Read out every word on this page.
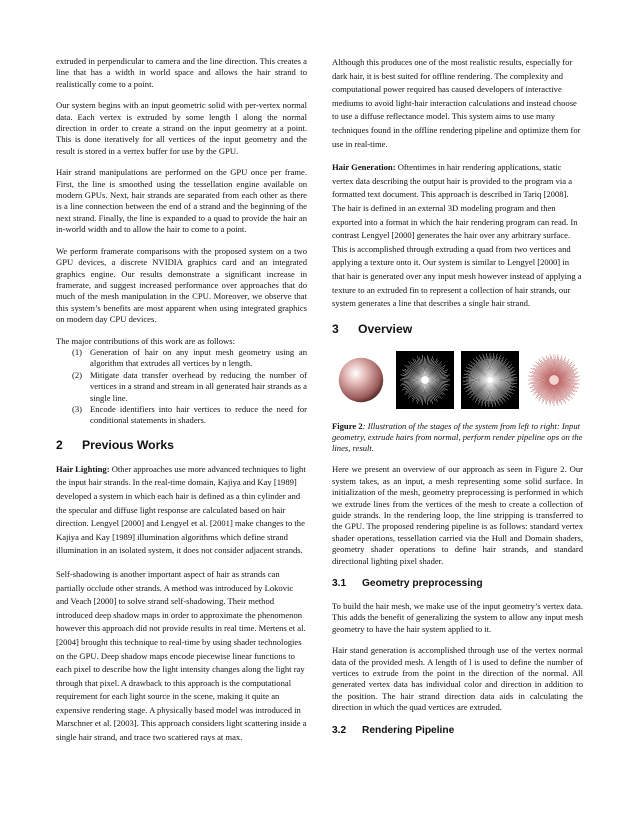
extruded in perpendicular to camera and the line direction. This creates a line that has a width in world space and allows the hair strand to realistically come to a point.

Our system begins with an input geometric solid with per-vertex normal data. Each vertex is extruded by some length l along the normal direction in order to create a strand on the input geometry at a point. This is done iteratively for all vertices of the input geometry and the result is stored in a vertex buffer for use by the GPU.

Hair strand manipulations are performed on the GPU once per frame. First, the line is smoothed using the tessellation engine available on modern GPUs. Next, hair strands are separated from each other as there is a line connection between the end of a strand and the beginning of the next strand. Finally, the line is expanded to a quad to provide the hair an in-world width and to allow the hair to come to a point.

We perform framerate comparisons with the proposed system on a two GPU devices, a discrete NVIDIA graphics card and an integrated graphics engine. Our results demonstrate a significant increase in framerate, and suggest increased performance over approaches that do much of the mesh manipulation in the CPU. Moreover, we observe that this system’s benefits are most apparent when using integrated graphics on modern day CPU devices.

The major contributions of this work are as follows:

(1) Generation of hair on any input mesh geometry using an algorithm that extrudes all vertices by n length.
(2) Mitigate data transfer overhead by reducing the number of vertices in a strand and stream in all generated hair strands as a single line.
(3) Encode identifiers into hair vertices to reduce the need for conditional statements in shaders.
2 Previous Works

Hair Lighting: Other approaches use more advanced techniques to light the input hair strands. In the real-time domain, Kajiya and Kay [1989] developed a system in which each hair is defined as a thin cylinder and the specular and diffuse light response are calculated based on hair direction. Lengyel [2000] and Lengyel et al. [2001] make changes to the Kajiya and Kay [1989] illumination algorithms which define strand illumination in an isolated system, it does not consider adjacent strands.

Self-shadowing is another important aspect of hair as strands can partially occlude other strands. A method was introduced by Lokovic and Veach [2000] to solve strand self-shadowing. Their method introduced deep shadow maps in order to approximate the phenomenon however this approach did not provide results in real time. Mertens et al. [2004] brought this technique to real-time by using shader technologies on the GPU. Deep shadow maps encode piecewise linear functions to each pixel to describe how the light intensity changes along the light ray through that pixel. A drawback to this approach is the computational requirement for each light source in the scene, making it quite an expensive rendering stage. A physically based model was introduced in Marschner et al. [2003]. This approach considers light scattering inside a single hair strand, and trace two scattered rays at max.

Although this produces one of the most realistic results, especially for dark hair, it is best suited for offline rendering. The complexity and computational power required has caused developers of interactive mediums to avoid light-hair interaction calculations and instead choose to use a diffuse reflectance model. This system aims to use many techniques found in the offline rendering pipeline and optimize them for use in real-time.

Hair Generation: Oftentimes in hair rendering applications, static vertex data describing the output hair is provided to the program via a formatted text document. This approach is described in Tariq [2008]. The hair is defined in an external 3D modeling program and then exported into a format in which the hair rendering program can read. In contrast Lengyel [2000] generates the hair over any arbitrary surface. This is accomplished through extruding a quad from two vertices and applying a texture onto it. Our system is similar to Lengyel [2000] in that hair is generated over any input mesh however instead of applying a texture to an extruded fin to represent a collection of hair strands, our system generates a line that describes a single hair strand.

3 Overview
Figure 2: Illustration of the stages of the system from left to right: Input geometry, extrude hairs from normal, perform render pipeline ops on the lines, result.

Here we present an overview of our approach as seen in Figure 2. Our system takes, as an input, a mesh representing some solid surface. In initialization of the mesh, geometry preprocessing is performed in which we extrude lines from the vertices of the mesh to create a collection of guide strands. In the rendering loop, the line stripping is transferred to the GPU. The proposed rendering pipeline is as follows: standard vertex shader operations, tessellation carried via the Hull and Domain shaders, geometry shader operations to define hair strands, and standard directional lighting pixel shader.

3.1 Geometry preprocessing

To build the hair mesh, we make use of the input geometry’s vertex data. This adds the benefit of generalizing the system to allow any input mesh geometry to have the hair system applied to it.

Hair stand generation is accomplished through use of the vertex normal data of the provided mesh. A length of l is used to define the number of vertices to extrude from the point in the direction of the normal. All generated vertex data has individual color and direction in addition to the position. The hair strand direction data aids in calculating the direction in which the quad vertices are extruded.

3.2 Rendering Pipeline
